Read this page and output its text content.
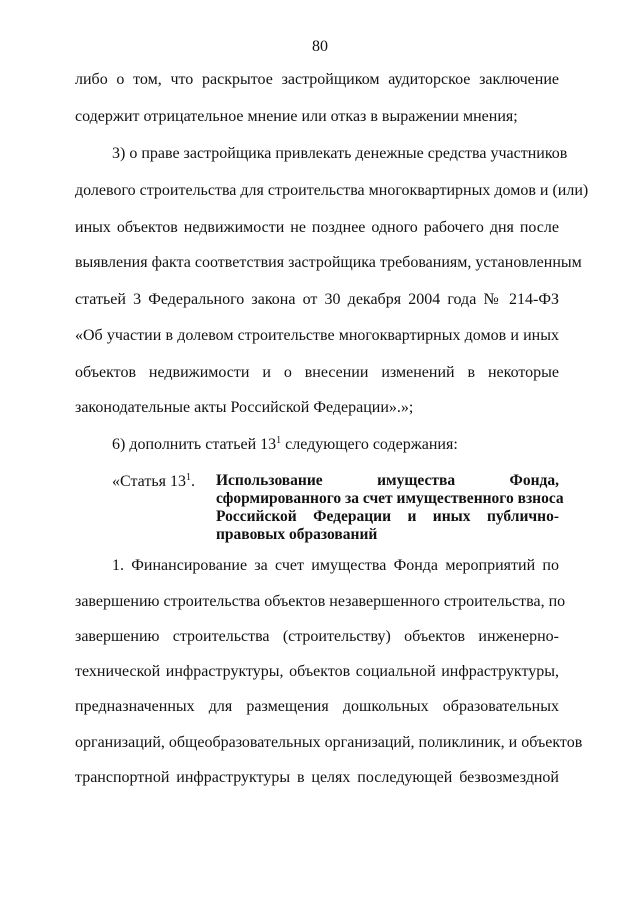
80
либо о том, что раскрытое застройщиком аудиторское заключение
содержит отрицательное мнение или отказ в выражении мнения;
3) о праве застройщика привлекать денежные средства участников
долевого строительства для строительства многоквартирных домов и (или)
иных объектов недвижимости не позднее одного рабочего дня после
выявления факта соответствия застройщика требованиям, установленным
статьей 3 Федерального закона от 30 декабря 2004 года № 214-ФЗ
«Об участии в долевом строительстве многоквартирных домов и иных
объектов недвижимости и о внесении изменений в некоторые
законодательные акты Российской Федерации».»;
6) дополнить статьей $13^1$ следующего содержания:
«Статья $13^1$. Использование имущества Фонда,
сформированного за счет имущественного взноса
Российской Федерации и иных публично-
правовых образований
1. Финансирование за счет имущества Фонда мероприятий по
завершению строительства объектов незавершенного строительства, по
завершению строительства (строительству) объектов инженерно-
технической инфраструктуры, объектов социальной инфраструктуры,
предназначенных для размещения дошкольных образовательных
организаций, общеобразовательных организаций, поликлиник, и объектов
транспортной инфраструктуры в целях последующей безвозмездной
